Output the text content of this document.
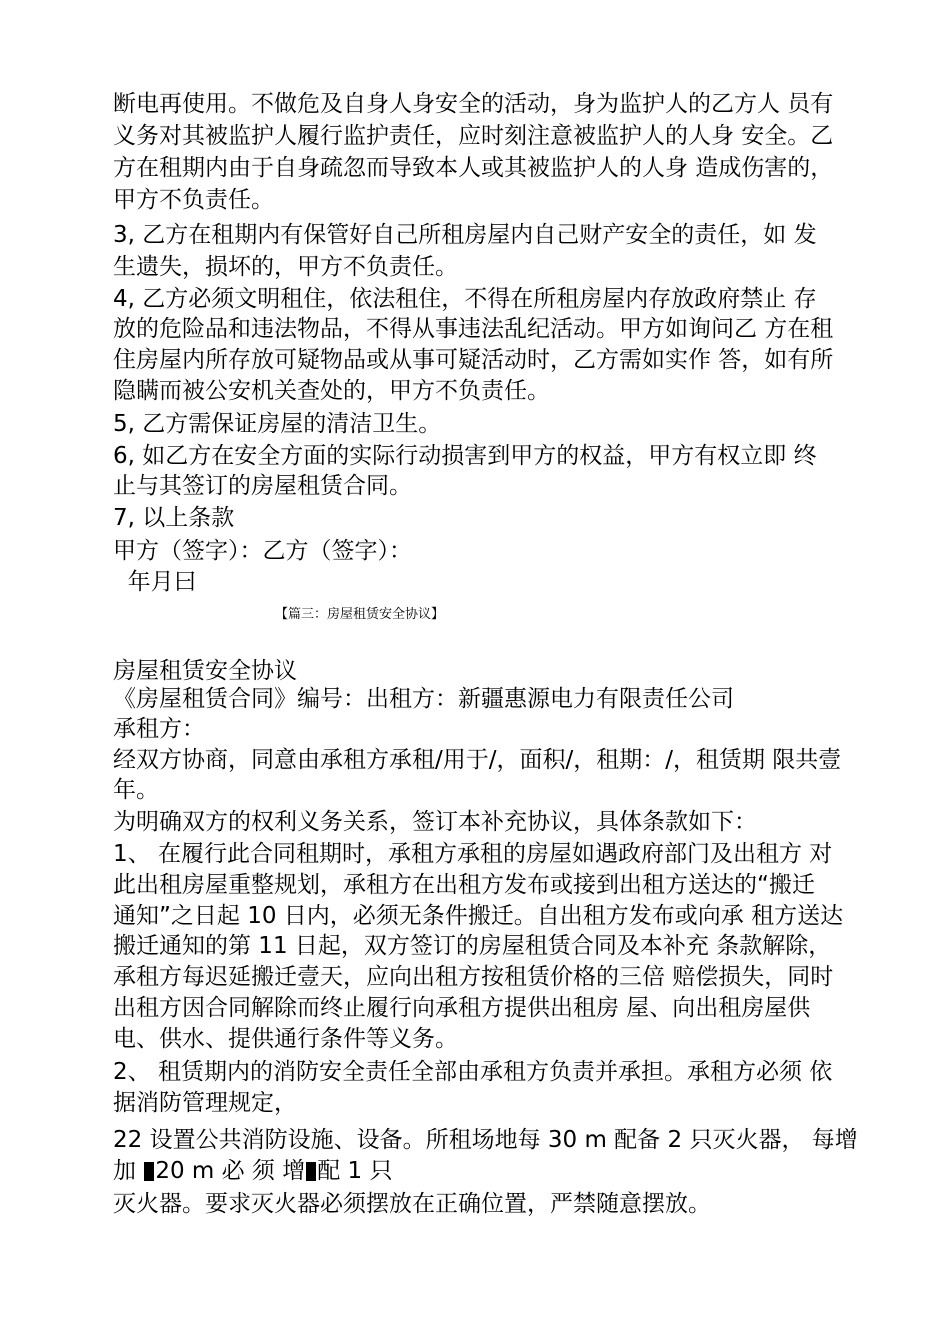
断电再使用。不做危及自身人身安全的活动，身为监护人的乙方人 员有
义务对其被监护人履行监护责任，应时刻注意被监护人的人身 安全。乙
方在租期内由于自身疏忽而导致本人或其被监护人的人身 造成伤害的，
甲方不负责任。
3, 乙方在租期内有保管好自己所租房屋内自己财产安全的责任，如 发
生遗失，损坏的，甲方不负责任。
4, 乙方必须文明租住，依法租住，不得在所租房屋内存放政府禁止 存
放的危险品和违法物品，不得从事违法乱纪活动。甲方如询问乙 方在租
住房屋内所存放可疑物品或从事可疑活动时，乙方需如实作 答，如有所
隐瞒而被公安机关查处的，甲方不负责任。
5, 乙方需保证房屋的清洁卫生。
6, 如乙方在安全方面的实际行动损害到甲方的权益，甲方有权立即 终
止与其签订的房屋租赁合同。
7, 以上条款
甲方（签字）：乙方（签字）：
年月曰
【篇三：房屋租赁安全协议】
房屋租赁安全协议
《房屋租赁合同》编号：出租方：新疆惠源电力有限责任公司
承租方：
经双方协商，同意由承租方承租/用于/，面积/，租期：/，租赁期 限共壹
年。
为明确双方的权利义务关系，签订本补充协议，具体条款如下：
1、 在履行此合同租期时，承租方承租的房屋如遇政府部门及出租方 对
此出租房屋重整规划，承租方在出租方发布或接到出租方送达的“搬迁
通知”之日起 10 日内，必须无条件搬迁。自出租方发布或向承 租方送达
搬迁通知的第 11 日起，双方签订的房屋租赁合同及本补充 条款解除，
承租方每迟延搬迁壹天，应向出租方按租赁价格的三倍 赔偿损失，同时
出租方因合同解除而终止履行向承租方提供出租房 屋、向出租房屋供
电、供水、提供通行条件等义务。
2、 租赁期内的消防安全责任全部由承租方负责并承担。承租方必须 依
据消防管理规定，
22 设置公共消防设施、设备。所租场地每 30 m 配备 2 只灭火器， 每增
加 20 m 必 须 增 配 1 只
灭火器。要求灭火器必须摆放在正确位置，严禁随意摆放。
